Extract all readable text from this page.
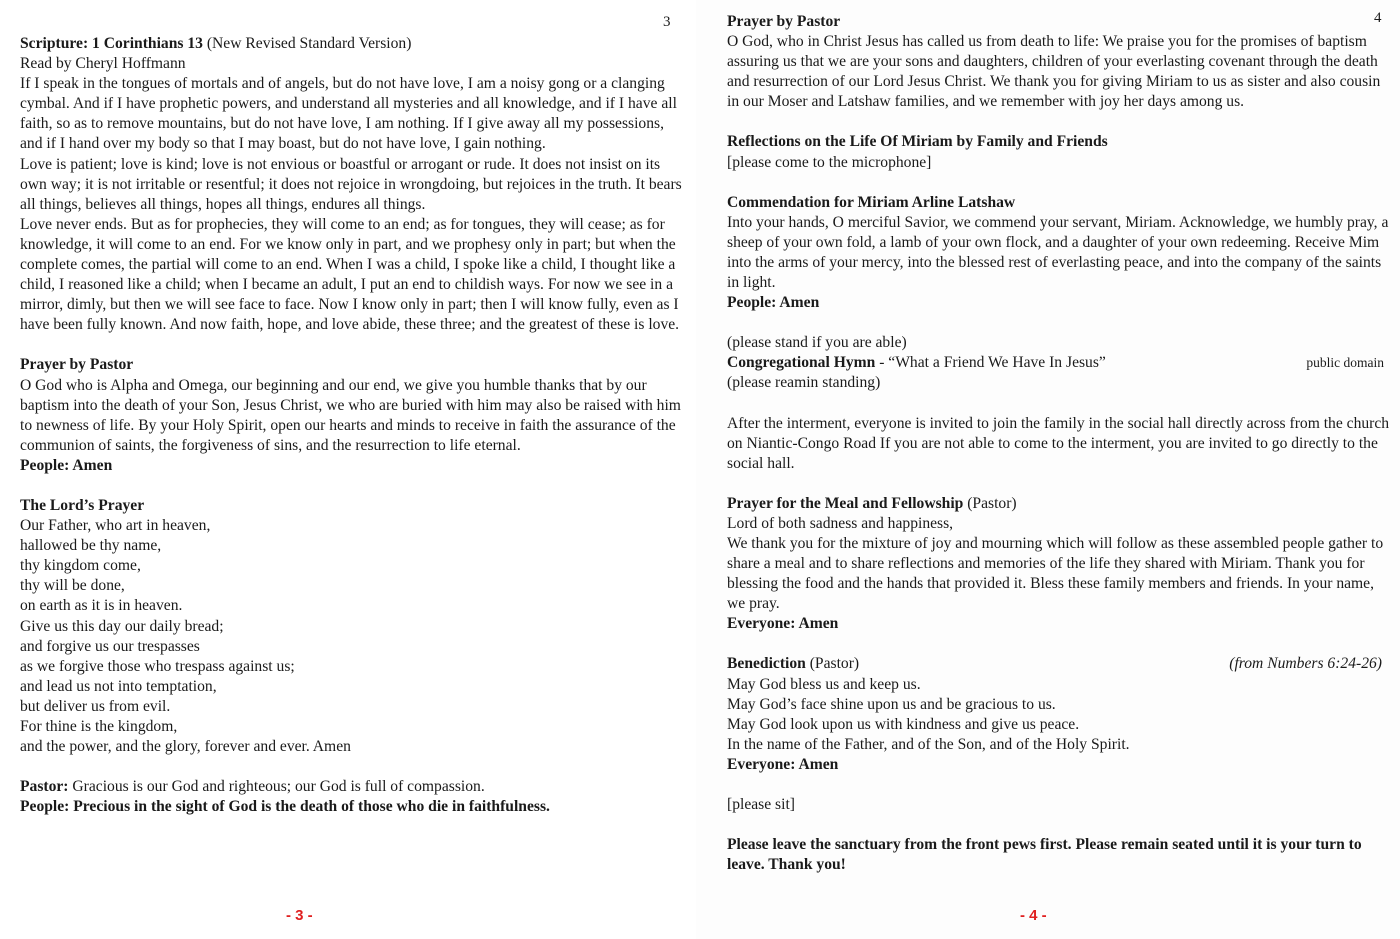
3

Scripture: 1 Corinthians 13 (New Revised Standard Version)

Read by Cheryl Hoffmann

If I speak in the tongues of mortals and of angels, but do not have love, I am a noisy gong or a clanging cymbal. And if I have prophetic powers, and understand all mysteries and all knowledge, and if I have all faith, so as to remove mountains, but do not have love, I am nothing. If I give away all my possessions, and if I hand over my body so that I may boast, but do not have love, I gain nothing.

Love is patient; love is kind; love is not envious or boastful or arrogant or rude. It does not insist on its own way; it is not irritable or resentful; it does not rejoice in wrongdoing, but rejoices in the truth. It bears all things, believes all things, hopes all things, endures all things.

Love never ends. But as for prophecies, they will come to an end; as for tongues, they will cease; as for knowledge, it will come to an end. For we know only in part, and we prophesy only in part; but when the complete comes, the partial will come to an end. When I was a child, I spoke like a child, I thought like a child, I reasoned like a child; when I became an adult, I put an end to childish ways. For now we see in a mirror, dimly, but then we will see face to face. Now I know only in part; then I will know fully, even as I have been fully known. And now faith, hope, and love abide, these three; and the greatest of these is love.

Prayer by Pastor

O God who is Alpha and Omega, our beginning and our end, we give you humble thanks that by our baptism into the death of your Son, Jesus Christ, we who are buried with him may also be raised with him to newness of life. By your Holy Spirit, open our hearts and minds to receive in faith the assurance of the communion of saints, the forgiveness of sins, and the resurrection to life eternal.

People: Amen

The Lord’s Prayer

Our Father, who art in heaven,

hallowed be thy name,

thy kingdom come,

thy will be done,

on earth as it is in heaven.

Give us this day our daily bread;

and forgive us our trespasses

as we forgive those who trespass against us;

and lead us not into temptation,

but deliver us from evil.

For thine is the kingdom,

and the power, and the glory, forever and ever. Amen

Pastor: Gracious is our God and righteous; our God is full of compassion.

People: Precious in the sight of God is the death of those who die in faithfulness.

- 3 -
4

Prayer by Pastor

O God, who in Christ Jesus has called us from death to life: We praise you for the promises of baptism assuring us that we are your sons and daughters, children of your everlasting covenant through the death and resurrection of our Lord Jesus Christ. We thank you for giving Miriam to us as sister and also cousin in our Moser and Latshaw families, and we remember with joy her days among us.

Reflections on the Life Of Miriam by Family and Friends

[please come to the microphone]

Commendation for Miriam Arline Latshaw

Into your hands, O merciful Savior, we commend your servant, Miriam. Acknowledge, we humbly pray, a sheep of your own fold, a lamb of your own flock, and a daughter of your own redeeming. Receive Mim into the arms of your mercy, into the blessed rest of everlasting peace, and into the company of the saints in light.

People: Amen

(please stand if you are able)

Congregational Hymn - “What a Friend We Have In Jesus”	public domain

(please reamin standing)

After the interment, everyone is invited to join the family in the social hall directly across from the church on Niantic-Congo Road If you are not able to come to the interment, you are invited to go directly to the social hall.

Prayer for the Meal and Fellowship (Pastor)

Lord of both sadness and happiness,

We thank you for the mixture of joy and mourning which will follow as these assembled people gather to share a meal and to share reflections and memories of the life they shared with Miriam. Thank you for blessing the food and the hands that provided it. Bless these family members and friends. In your name, we pray.

Everyone: Amen

Benediction (Pastor)	(from Numbers 6:24-26)

May God bless us and keep us.

May God’s face shine upon us and be gracious to us.

May God look upon us with kindness and give us peace.

In the name of the Father, and of the Son, and of the Holy Spirit.

Everyone: Amen

[please sit]

Please leave the sanctuary from the front pews first. Please remain seated until it is your turn to leave. Thank you!

- 4 -
